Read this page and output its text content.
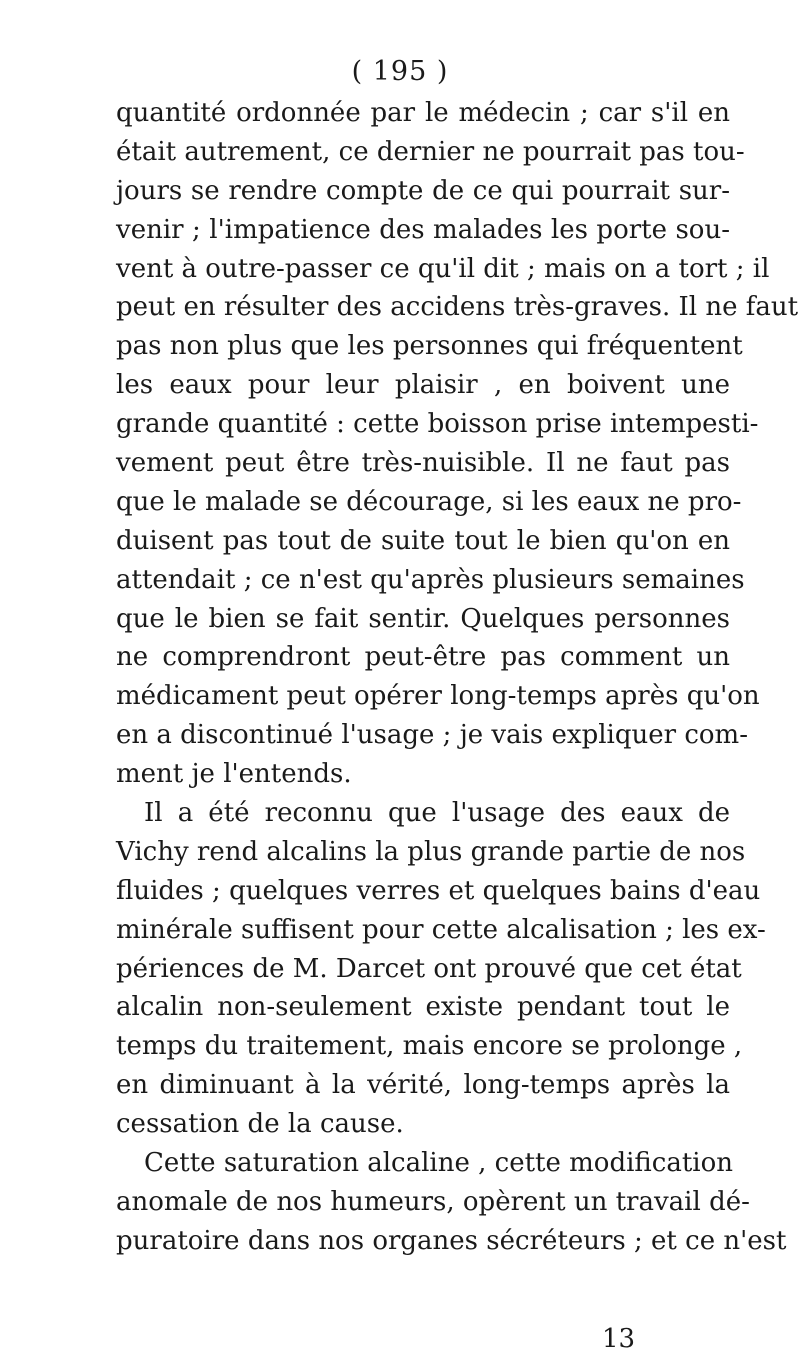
( 195 )
quantité ordonnée par le médecin ; car s'il en
était autrement, ce dernier ne pourrait pas tou-
jours se rendre compte de ce qui pourrait sur-
venir ; l'impatience des malades les porte sou-
vent à outre-passer ce qu'il dit ; mais on a tort ; il
peut en résulter des accidens très-graves. Il ne faut
pas non plus que les personnes qui fréquentent
les eaux pour leur plaisir , en boivent une
grande quantité : cette boisson prise intempesti-
vement peut être très-nuisible. Il ne faut pas
que le malade se décourage, si les eaux ne pro-
duisent pas tout de suite tout le bien qu'on en
attendait ; ce n'est qu'après plusieurs semaines
que le bien se fait sentir. Quelques personnes
ne comprendront peut-être pas comment un
médicament peut opérer long-temps après qu'on
en a discontinué l'usage ; je vais expliquer com-
ment je l'entends.
Il a été reconnu que l'usage des eaux de
Vichy rend alcalins la plus grande partie de nos
fluides ; quelques verres et quelques bains d'eau
minérale suffisent pour cette alcalisation ; les ex-
périences de M. Darcet ont prouvé que cet état
alcalin non-seulement existe pendant tout le
temps du traitement, mais encore se prolonge ,
en diminuant à la vérité, long-temps après la
cessation de la cause.
Cette saturation alcaline , cette modification
anomale de nos humeurs, opèrent un travail dé-
puratoire dans nos organes sécréteurs ; et ce n'est
13
